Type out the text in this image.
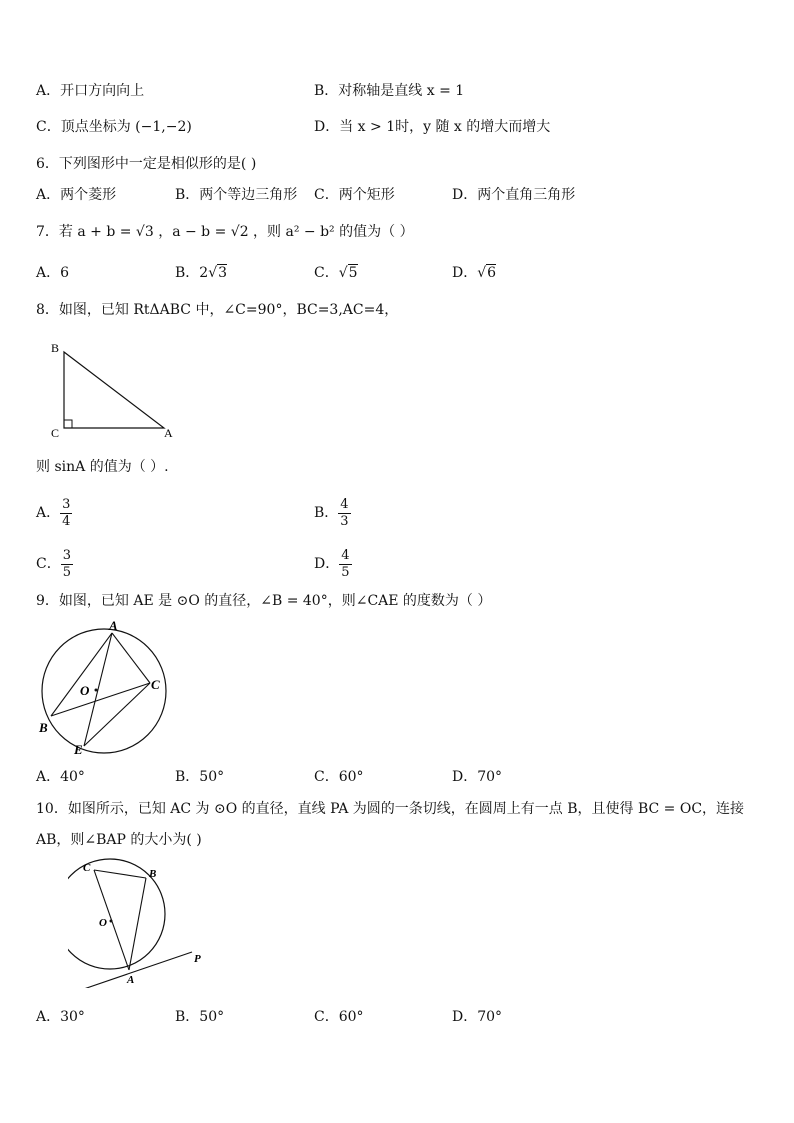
A．开口方向向上	B．对称轴是直线 x = 1
C．顶点坐标为 (−1,−2)	D．当 x > 1时，y 随 x 的增大而增大
6．下列图形中一定是相似形的是( )
A．两个菱形	B．两个等边三角形 C．两个矩形	D．两个直角三角形
7．若 a + b = √3 ，a − b = √2 ，则 a² − b² 的值为（ ）
A．6	B．2√3	C．√5	D．√6
8．如图，已知 RtΔABC 中，∠C=90°，BC=3,AC=4，
B
C	A
则 sinA 的值为（ ）.
A． $\frac{3}{4}$	B． $\frac{4}{3}$
C． $\frac{3}{5}$	D． $\frac{4}{5}$
9．如图，已知 AE 是 ⊙O 的直径，∠B = 40°，则∠CAE 的度数为（ ）
A
O	C
B
E
A．40°	B．50°	C．60°	D．70°
10．如图所示，已知 AC 为 ⊙O 的直径，直线 PA 为圆的一条切线，在圆周上有一点 B，且使得 BC = OC，连接
AB，则∠BAP 的大小为( )
C	B
O
A
P
A．30°	B．50°	C．60°	D．70°
